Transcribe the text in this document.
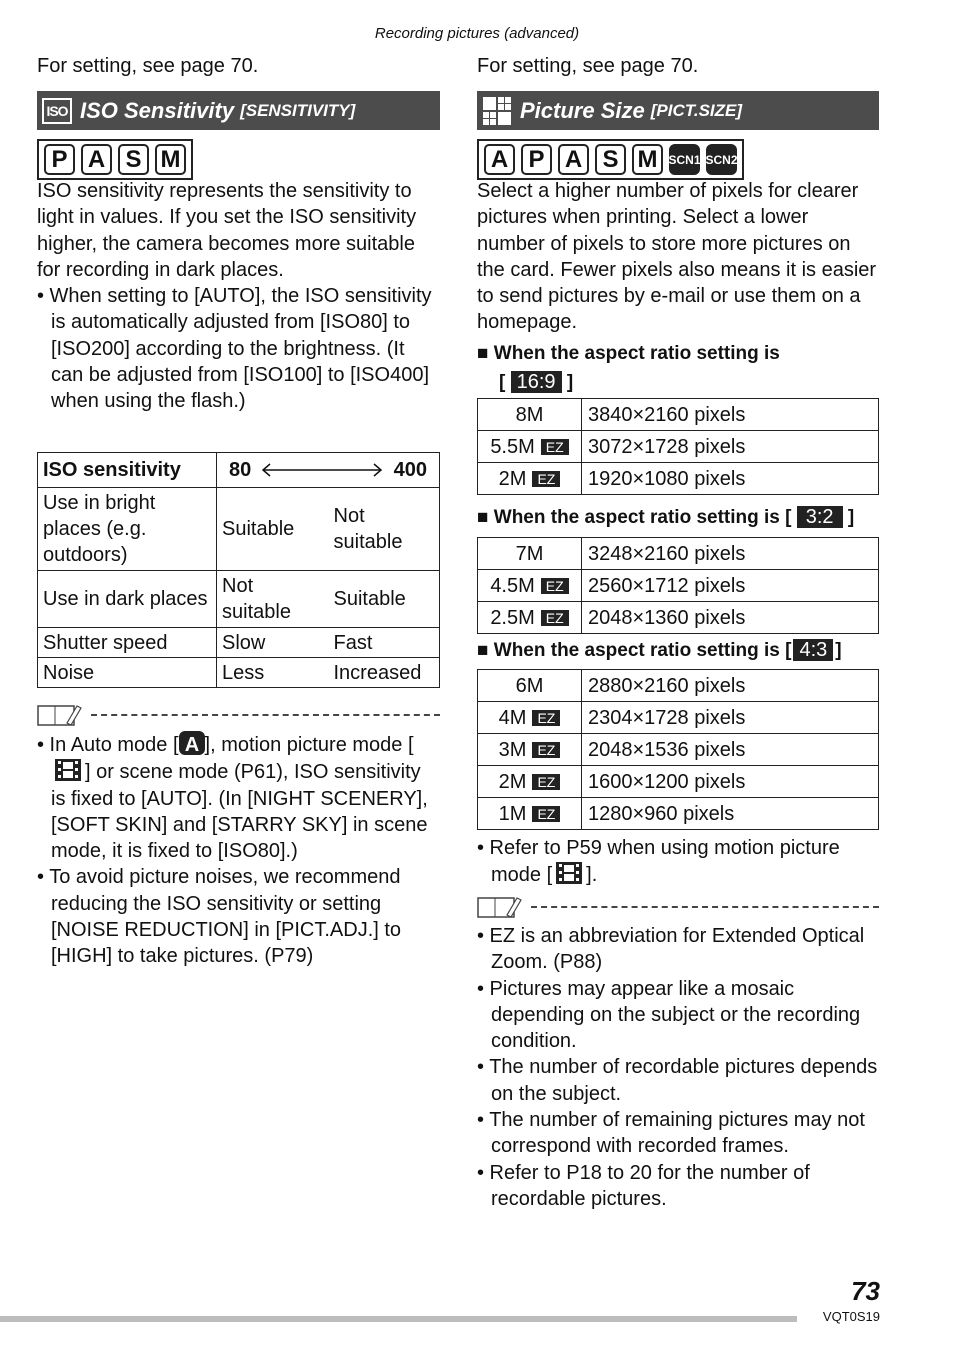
Recording pictures (advanced)
For setting, see page 70.
ISO ISO Sensitivity [SENSITIVITY]
P A S M
ISO sensitivity represents the sensitivity to light in values. If you set the ISO sensitivity higher, the camera becomes more suitable for recording in dark places.
• When setting to [AUTO], the ISO sensitivity is automatically adjusted from [ISO80] to [ISO200] according to the brightness. (It can be adjusted from [ISO100] to [ISO400] when using the flash.)
ISO sensitivity	80 400	

Use in bright places (e.g. outdoors)	Suitable	Not suitable
Use in dark places	Not suitable	Suitable
Shutter speed	Slow	Fast
Noise	Less	Increased
• In Auto mode [ A ], motion picture mode [] or scene mode (P61), ISO sensitivity is fixed to [AUTO]. (In [NIGHT SCENERY], [SOFT SKIN] and [STARRY SKY] in scene mode, it is fixed to [ISO80].)
• To avoid picture noises, we recommend reducing the ISO sensitivity or setting [NOISE REDUCTION] in [PICT.ADJ.] to [HIGH] to take pictures. (P79)
For setting, see page 70.
Picture Size [PICT.SIZE]
A P A S M SCN1 SCN2
Select a higher number of pixels for clearer pictures when printing. Select a lower number of pixels to store more pictures on the card. Fewer pixels also means it is easier to send pictures by e-mail or use them on a homepage.
■ When the aspect ratio setting is
[ 16:9 ]
8M	3840×2160 pixels
5.5M EZ	3072×1728 pixels
2M EZ	1920×1080 pixels
■ When the aspect ratio setting is [ 3:2 ]
7M	3248×2160 pixels
4.5M EZ	2560×1712 pixels
2.5M EZ	2048×1360 pixels
■ When the aspect ratio setting is [ 4:3 ]
6M	2880×2160 pixels
4M EZ	2304×1728 pixels
3M EZ	2048×1536 pixels
2M EZ	1600×1200 pixels
1M EZ	1280×960 pixels
• Refer to P59 when using motion picture mode [ ].
• EZ is an abbreviation for Extended Optical Zoom. (P88)
• Pictures may appear like a mosaic depending on the subject or the recording condition.
• The number of recordable pictures depends on the subject.
• The number of remaining pictures may not correspond with recorded frames.
• Refer to P18 to 20 for the number of recordable pictures.
73
VQT0S19
